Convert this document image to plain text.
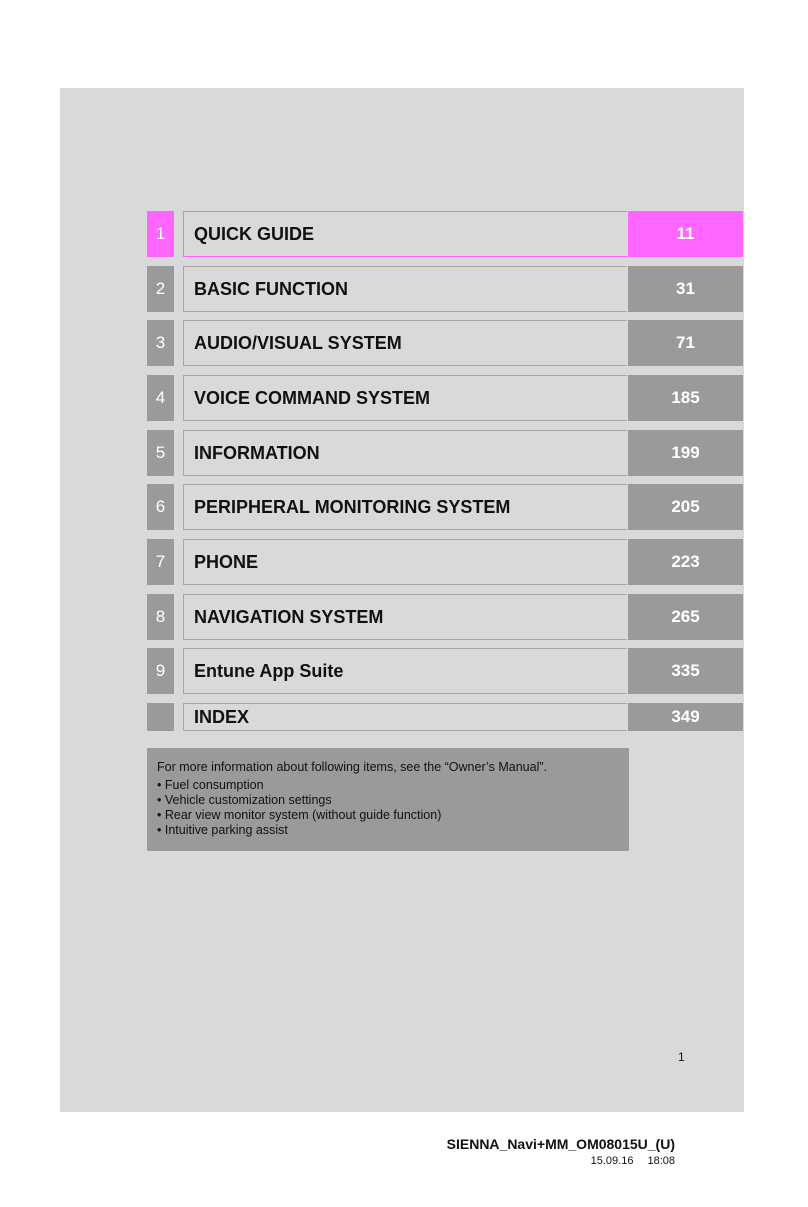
1	QUICK GUIDE	11
2	BASIC FUNCTION	31
3	AUDIO/VISUAL SYSTEM	71
4	VOICE COMMAND SYSTEM	185
5	INFORMATION	199
6	PERIPHERAL MONITORING SYSTEM	205
7	PHONE	223
8	NAVIGATION SYSTEM	265
9	Entune App Suite	335
INDEX	349
For more information about following items, see the “Owner’s Manual”.
• Fuel consumption
• Vehicle customization settings
• Rear view monitor system (without guide function)
• Intuitive parking assist
1
SIENNA_Navi+MM_OM08015U_(U)
15.09.16 18:08
